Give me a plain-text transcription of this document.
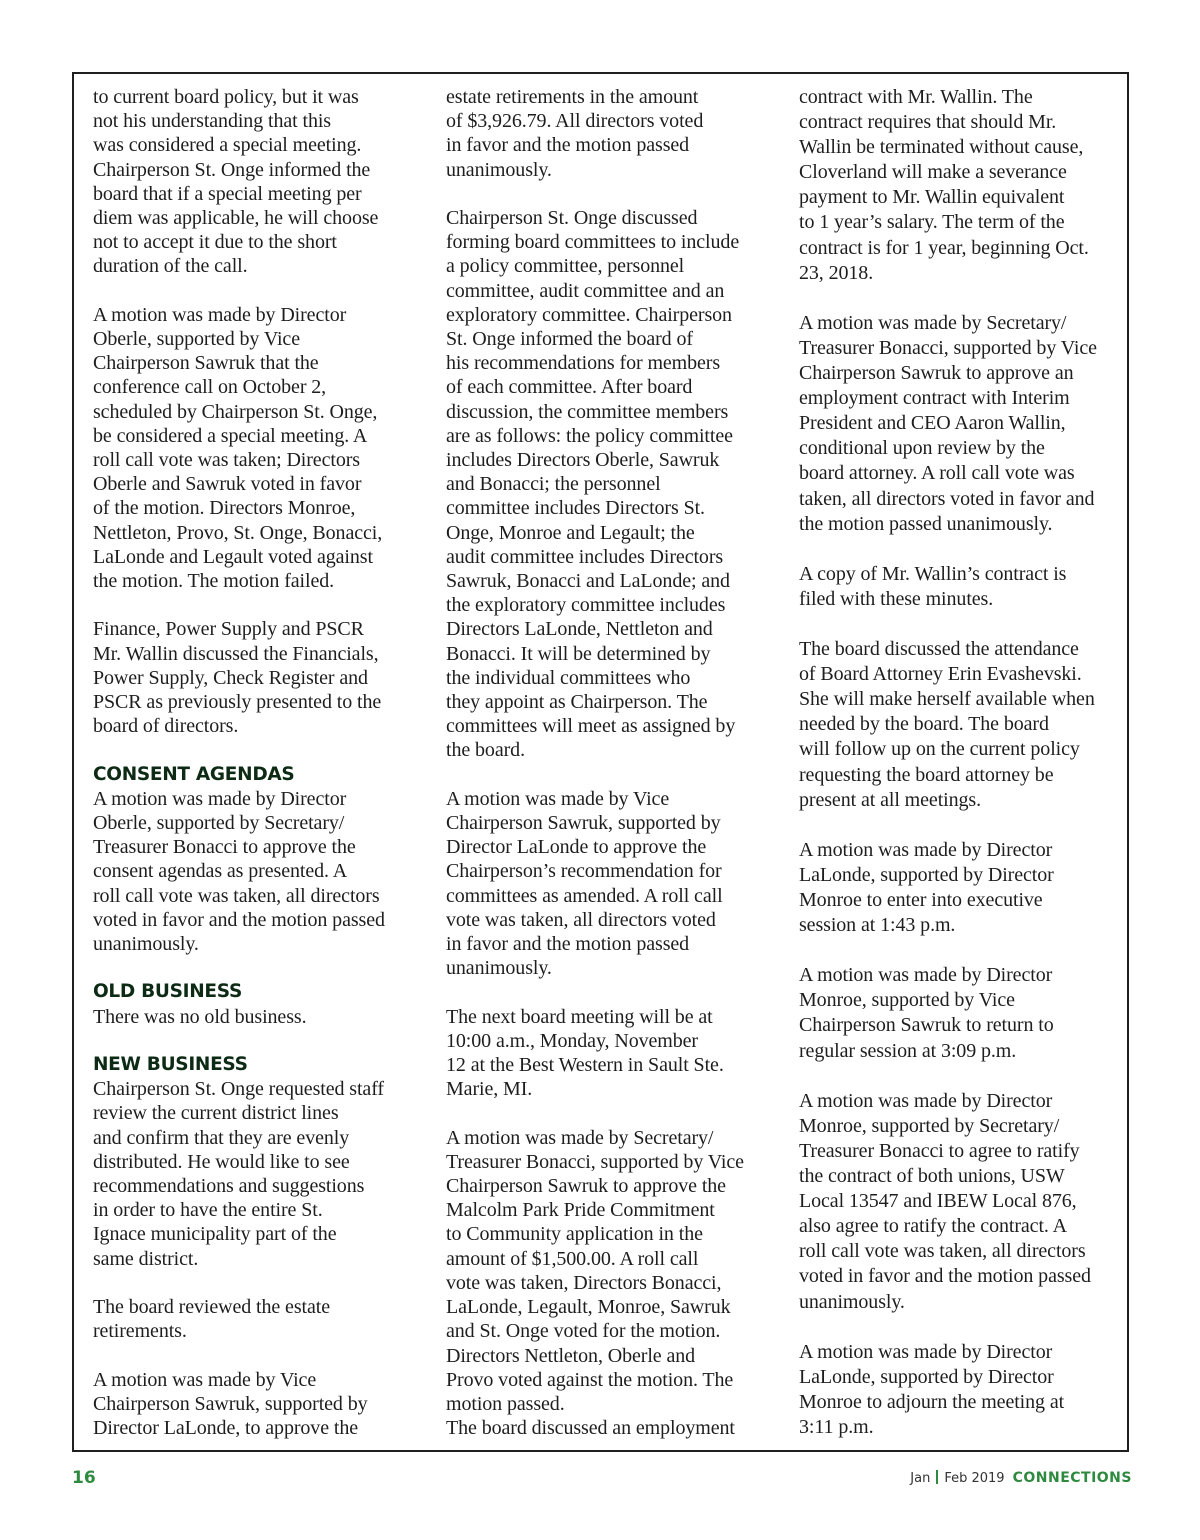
to current board policy, but it was
not his understanding that this
was considered a special meeting.
Chairperson St. Onge informed the
board that if a special meeting per
diem was applicable, he will choose
not to accept it due to the short
duration of the call.

A motion was made by Director
Oberle, supported by Vice
Chairperson Sawruk that the
conference call on October 2,
scheduled by Chairperson St. Onge,
be considered a special meeting. A
roll call vote was taken; Directors
Oberle and Sawruk voted in favor
of the motion. Directors Monroe,
Nettleton, Provo, St. Onge, Bonacci,
LaLonde and Legault voted against
the motion. The motion failed.

Finance, Power Supply and PSCR
Mr. Wallin discussed the Financials,
Power Supply, Check Register and
PSCR as previously presented to the
board of directors.

CONSENT AGENDAS

A motion was made by Director
Oberle, supported by Secretary/
Treasurer Bonacci to approve the
consent agendas as presented. A
roll call vote was taken, all directors
voted in favor and the motion passed
unanimously.

OLD BUSINESS

There was no old business.

NEW BUSINESS

Chairperson St. Onge requested staff
review the current district lines
and confirm that they are evenly
distributed. He would like to see
recommendations and suggestions
in order to have the entire St.
Ignace municipality part of the
same district.

The board reviewed the estate
retirements.

A motion was made by Vice
Chairperson Sawruk, supported by
Director LaLonde, to approve the

estate retirements in the amount
of $3,926.79. All directors voted
in favor and the motion passed
unanimously.

Chairperson St. Onge discussed
forming board committees to include
a policy committee, personnel
committee, audit committee and an
exploratory committee. Chairperson
St. Onge informed the board of
his recommendations for members
of each committee. After board
discussion, the committee members
are as follows: the policy committee
includes Directors Oberle, Sawruk
and Bonacci; the personnel
committee includes Directors St.
Onge, Monroe and Legault; the
audit committee includes Directors
Sawruk, Bonacci and LaLonde; and
the exploratory committee includes
Directors LaLonde, Nettleton and
Bonacci. It will be determined by
the individual committees who
they appoint as Chairperson. The
committees will meet as assigned by
the board.

A motion was made by Vice
Chairperson Sawruk, supported by
Director LaLonde to approve the
Chairperson’s recommendation for
committees as amended. A roll call
vote was taken, all directors voted
in favor and the motion passed
unanimously.

The next board meeting will be at
10:00 a.m., Monday, November
12 at the Best Western in Sault Ste.
Marie, MI.

A motion was made by Secretary/
Treasurer Bonacci, supported by Vice
Chairperson Sawruk to approve the
Malcolm Park Pride Commitment
to Community application in the
amount of $1,500.00. A roll call
vote was taken, Directors Bonacci,
LaLonde, Legault, Monroe, Sawruk
and St. Onge voted for the motion.
Directors Nettleton, Oberle and
Provo voted against the motion. The
motion passed.

The board discussed an employment

contract with Mr. Wallin. The
contract requires that should Mr.
Wallin be terminated without cause,
Cloverland will make a severance
payment to Mr. Wallin equivalent
to 1 year’s salary. The term of the
contract is for 1 year, beginning Oct.
23, 2018.

A motion was made by Secretary/
Treasurer Bonacci, supported by Vice
Chairperson Sawruk to approve an
employment contract with Interim
President and CEO Aaron Wallin,
conditional upon review by the
board attorney. A roll call vote was
taken, all directors voted in favor and
the motion passed unanimously.

A copy of Mr. Wallin’s contract is
filed with these minutes.

The board discussed the attendance
of Board Attorney Erin Evashevski.
She will make herself available when
needed by the board. The board
will follow up on the current policy
requesting the board attorney be
present at all meetings.

A motion was made by Director
LaLonde, supported by Director
Monroe to enter into executive
session at 1:43 p.m.

A motion was made by Director
Monroe, supported by Vice
Chairperson Sawruk to return to
regular session at 3:09 p.m.

A motion was made by Director
Monroe, supported by Secretary/
Treasurer Bonacci to agree to ratify
the contract of both unions, USW
Local 13547 and IBEW Local 876,
also agree to ratify the contract. A
roll call vote was taken, all directors
voted in favor and the motion passed
unanimously.

A motion was made by Director
LaLonde, supported by Director
Monroe to adjourn the meeting at
3:11 p.m.

16	Jan Feb 2019 CONNECTIONS
